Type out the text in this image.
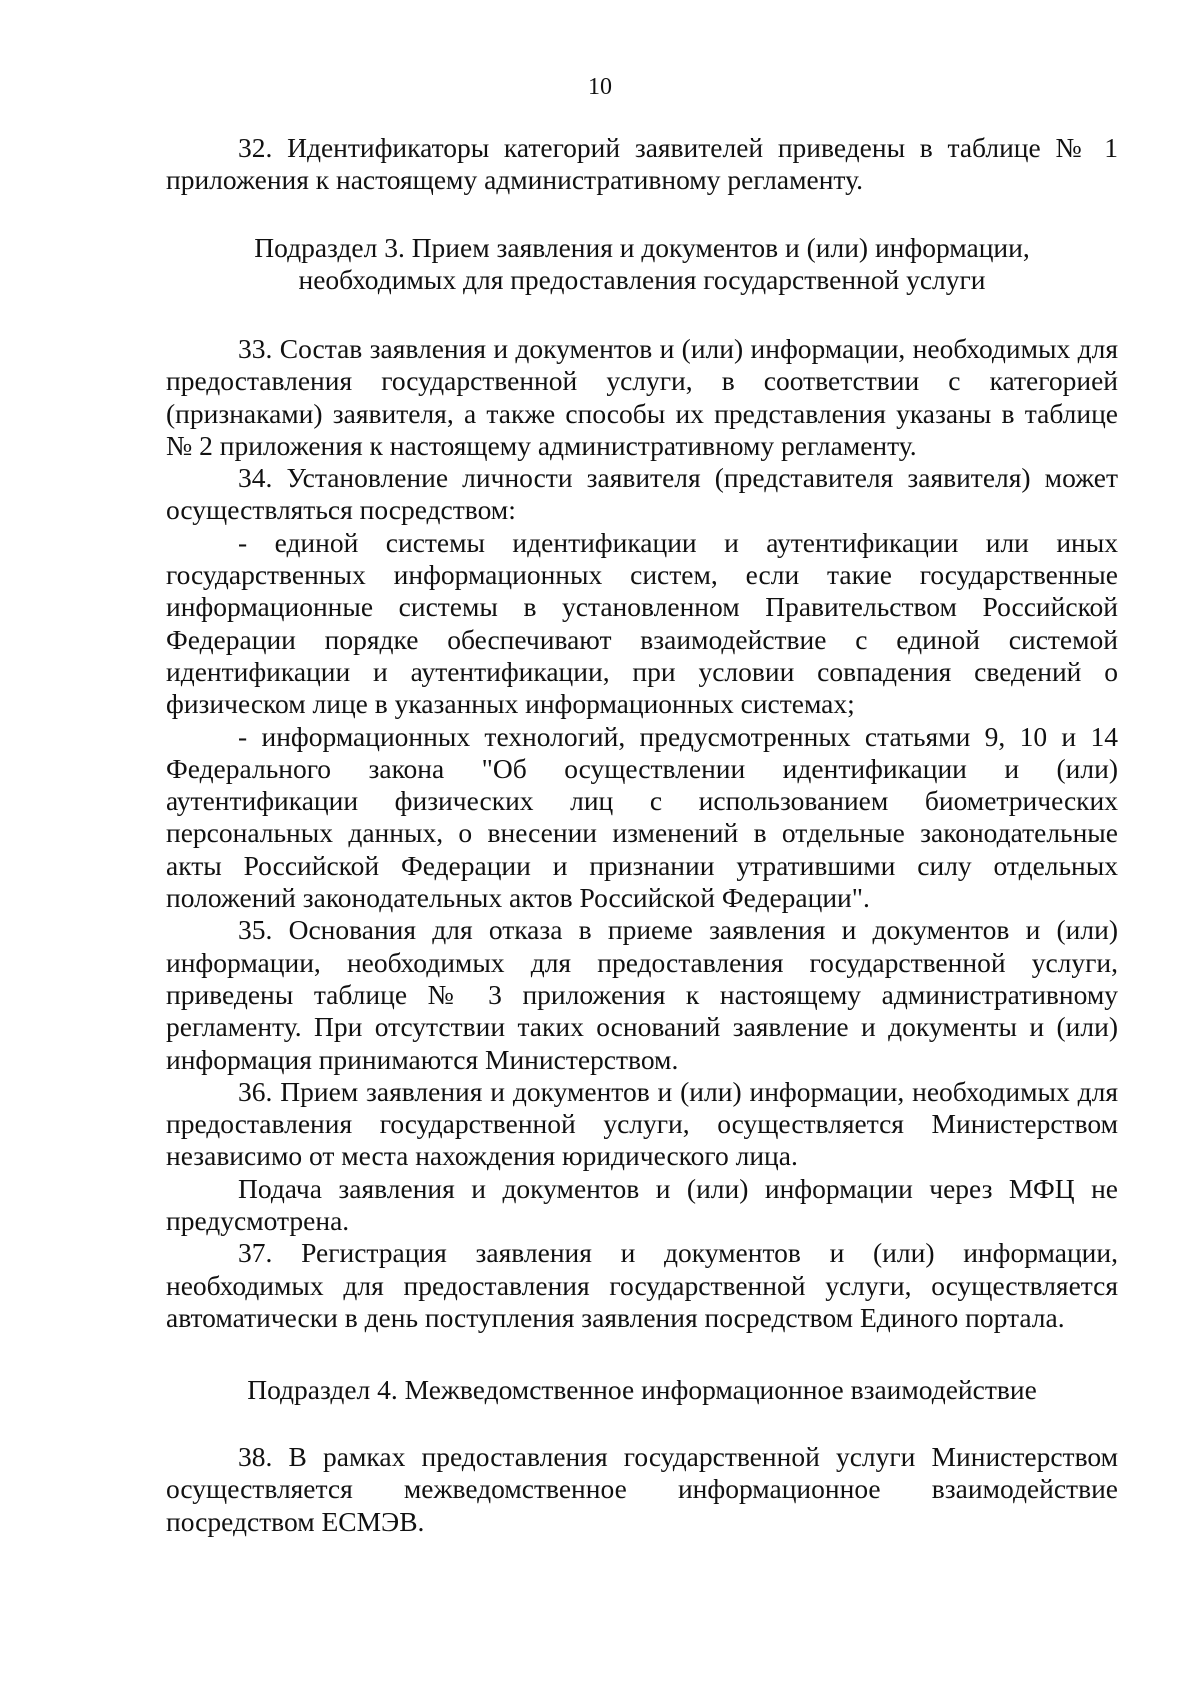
10

32. Идентификаторы категорий заявителей приведены в таблице № 1 приложения к настоящему административному регламенту.

Подраздел 3. Прием заявления и документов и (или) информации,
необходимых для предоставления государственной услуги

33. Состав заявления и документов и (или) информации, необходимых для предоставления государственной услуги, в соответствии с категорией (признаками) заявителя, а также способы их представления указаны в таблице № 2 приложения к настоящему административному регламенту.

34. Установление личности заявителя (представителя заявителя) может осуществляться посредством:

- единой системы идентификации и аутентификации или иных государственных информационных систем, если такие государственные информационные системы в установленном Правительством Российской Федерации порядке обеспечивают взаимодействие с единой системой идентификации и аутентификации, при условии совпадения сведений о физическом лице в указанных информационных системах;

- информационных технологий, предусмотренных статьями 9, 10 и 14 Федерального закона "Об осуществлении идентификации и (или) аутентификации физических лиц с использованием биометрических персональных данных, о внесении изменений в отдельные законодательные акты Российской Федерации и признании утратившими силу отдельных положений законодательных актов Российской Федерации".

35. Основания для отказа в приеме заявления и документов и (или) информации, необходимых для предоставления государственной услуги, приведены таблице № 3 приложения к настоящему административному регламенту. При отсутствии таких оснований заявление и документы и (или) информация принимаются Министерством.

36. Прием заявления и документов и (или) информации, необходимых для предоставления государственной услуги, осуществляется Министерством независимо от места нахождения юридического лица.

Подача заявления и документов и (или) информации через МФЦ не предусмотрена.

37. Регистрация заявления и документов и (или) информации, необходимых для предоставления государственной услуги, осуществляется автоматически в день поступления заявления посредством Единого портала.

Подраздел 4. Межведомственное информационное взаимодействие

38. В рамках предоставления государственной услуги Министерством осуществляется межведомственное информационное взаимодействие посредством ЕСМЭВ.
